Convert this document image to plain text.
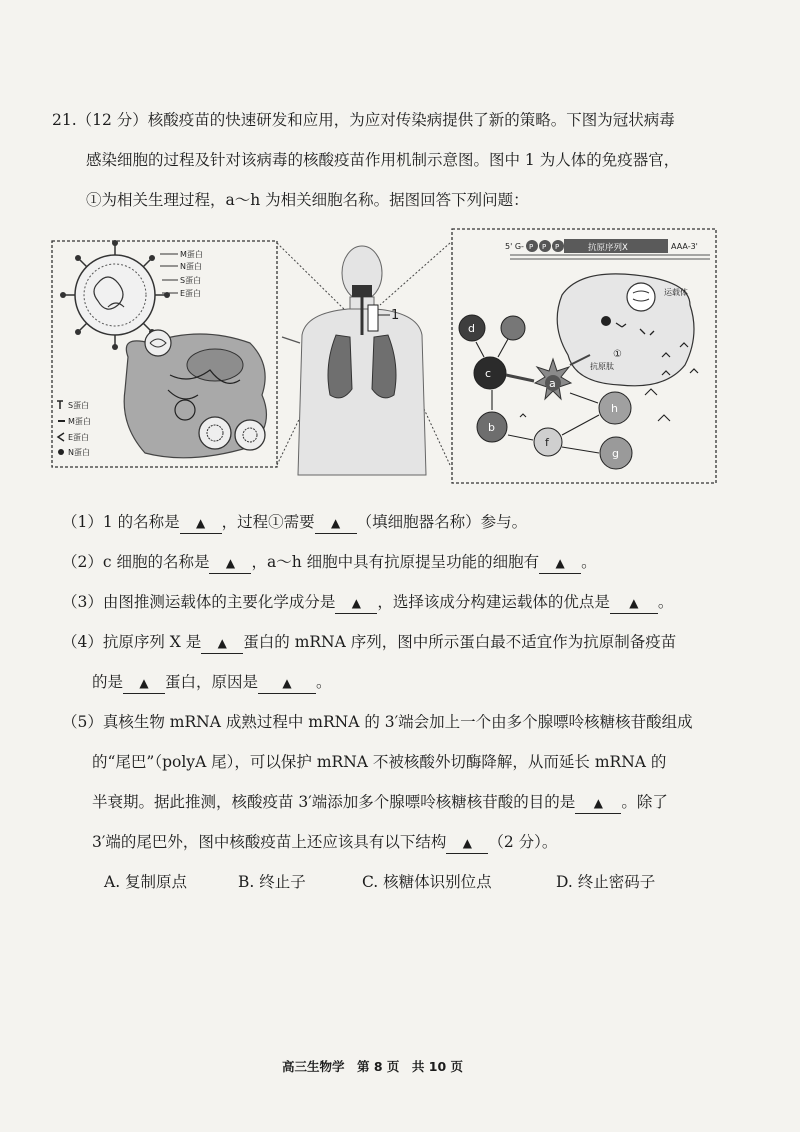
21.（12 分）核酸疫苗的快速研发和应用，为应对传染病提供了新的策略。下图为冠状病毒
感染细胞的过程及针对该病毒的核酸疫苗作用机制示意图。图中 1 为人体的免疫器官，
①为相关生理过程，a～h 为相关细胞名称。据图回答下列问题：
M蛋白
N蛋白
S蛋白
E蛋白
S蛋白
M蛋白
E蛋白
N蛋白
1
5' G- P P P	抗原序列X	AAA-3'
运载体
①
抗原肽
d
c
a
b
f
h
g
（1）1 的名称是 ▲ ，过程①需要 ▲ （填细胞器名称）参与。
（2）c 细胞的名称是 ▲ ，a～h 细胞中具有抗原提呈功能的细胞有 ▲ 。
（3）由图推测运载体的主要化学成分是 ▲ ，选择该成分构建运载体的优点是 ▲ 。
（4）抗原序列 X 是 ▲ 蛋白的 mRNA 序列，图中所示蛋白最不适宜作为抗原制备疫苗
的是 ▲ 蛋白，原因是 ▲ 。
（5）真核生物 mRNA 成熟过程中 mRNA 的 3′端会加上一个由多个腺嘌呤核糖核苷酸组成
的“尾巴”（polyA 尾），可以保护 mRNA 不被核酸外切酶降解，从而延长 mRNA 的
半衰期。据此推测，核酸疫苗 3′端添加多个腺嘌呤核糖核苷酸的目的是 ▲ 。除了
3′端的尾巴外，图中核酸疫苗上还应该具有以下结构 ▲ （2 分）。
A. 复制原点	B. 终止子	C. 核糖体识别位点	D. 终止密码子
高三生物学　第 8 页　共 10 页
